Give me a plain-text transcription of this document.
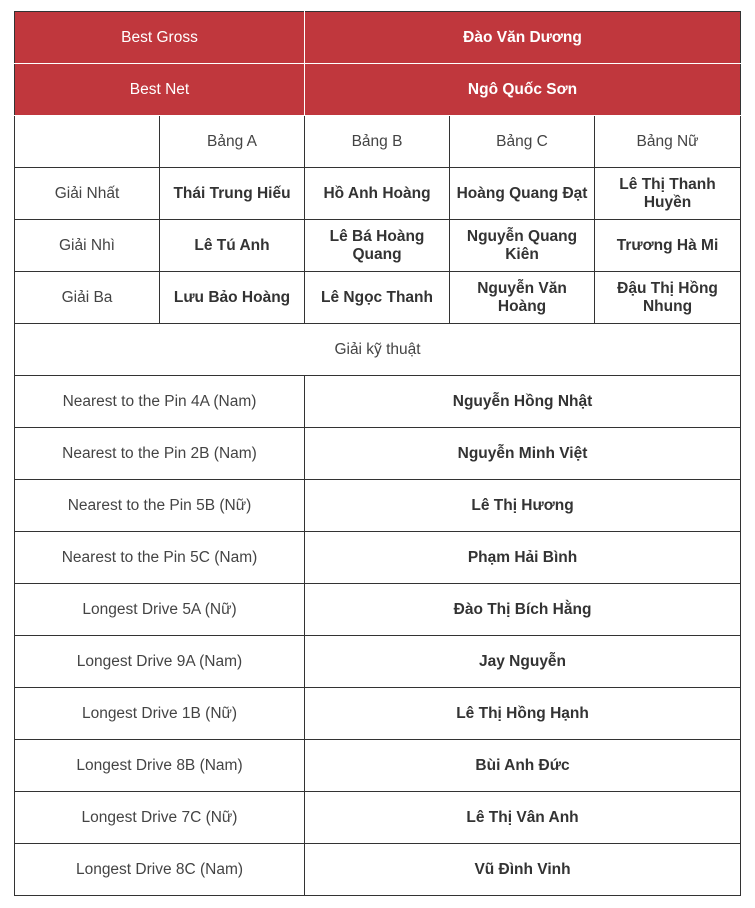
Best Gross		Đào Văn Dương		
Best Net		Ngô Quốc Sơn		
	Bảng A	Bảng B	Bảng C	Bảng Nữ
Giải Nhất	Thái Trung Hiếu	Hồ Anh Hoàng	Hoàng Quang Đạt	Lê Thị Thanh Huyền
Giải Nhì	Lê Tú Anh	Lê Bá Hoàng Quang	Nguyễn Quang Kiên	Trương Hà Mi
Giải Ba	Lưu Bảo Hoàng	Lê Ngọc Thanh	Nguyễn Văn Hoàng	Đậu Thị Hồng Nhung
Giải kỹ thuật				
Nearest to the Pin 4A (Nam)		Nguyễn Hồng Nhật		
Nearest to the Pin 2B (Nam)		Nguyễn Minh Việt		
Nearest to the Pin 5B (Nữ)		Lê Thị Hương		
Nearest to the Pin 5C (Nam)		Phạm Hải Bình		
Longest Drive 5A (Nữ)		Đào Thị Bích Hằng		
Longest Drive 9A (Nam)		Jay Nguyễn		
Longest Drive 1B (Nữ)		Lê Thị Hồng Hạnh		
Longest Drive 8B (Nam)		Bùi Anh Đức		
Longest Drive 7C (Nữ)		Lê Thị Vân Anh		
Longest Drive 8C (Nam)		Vũ Đình Vinh		
